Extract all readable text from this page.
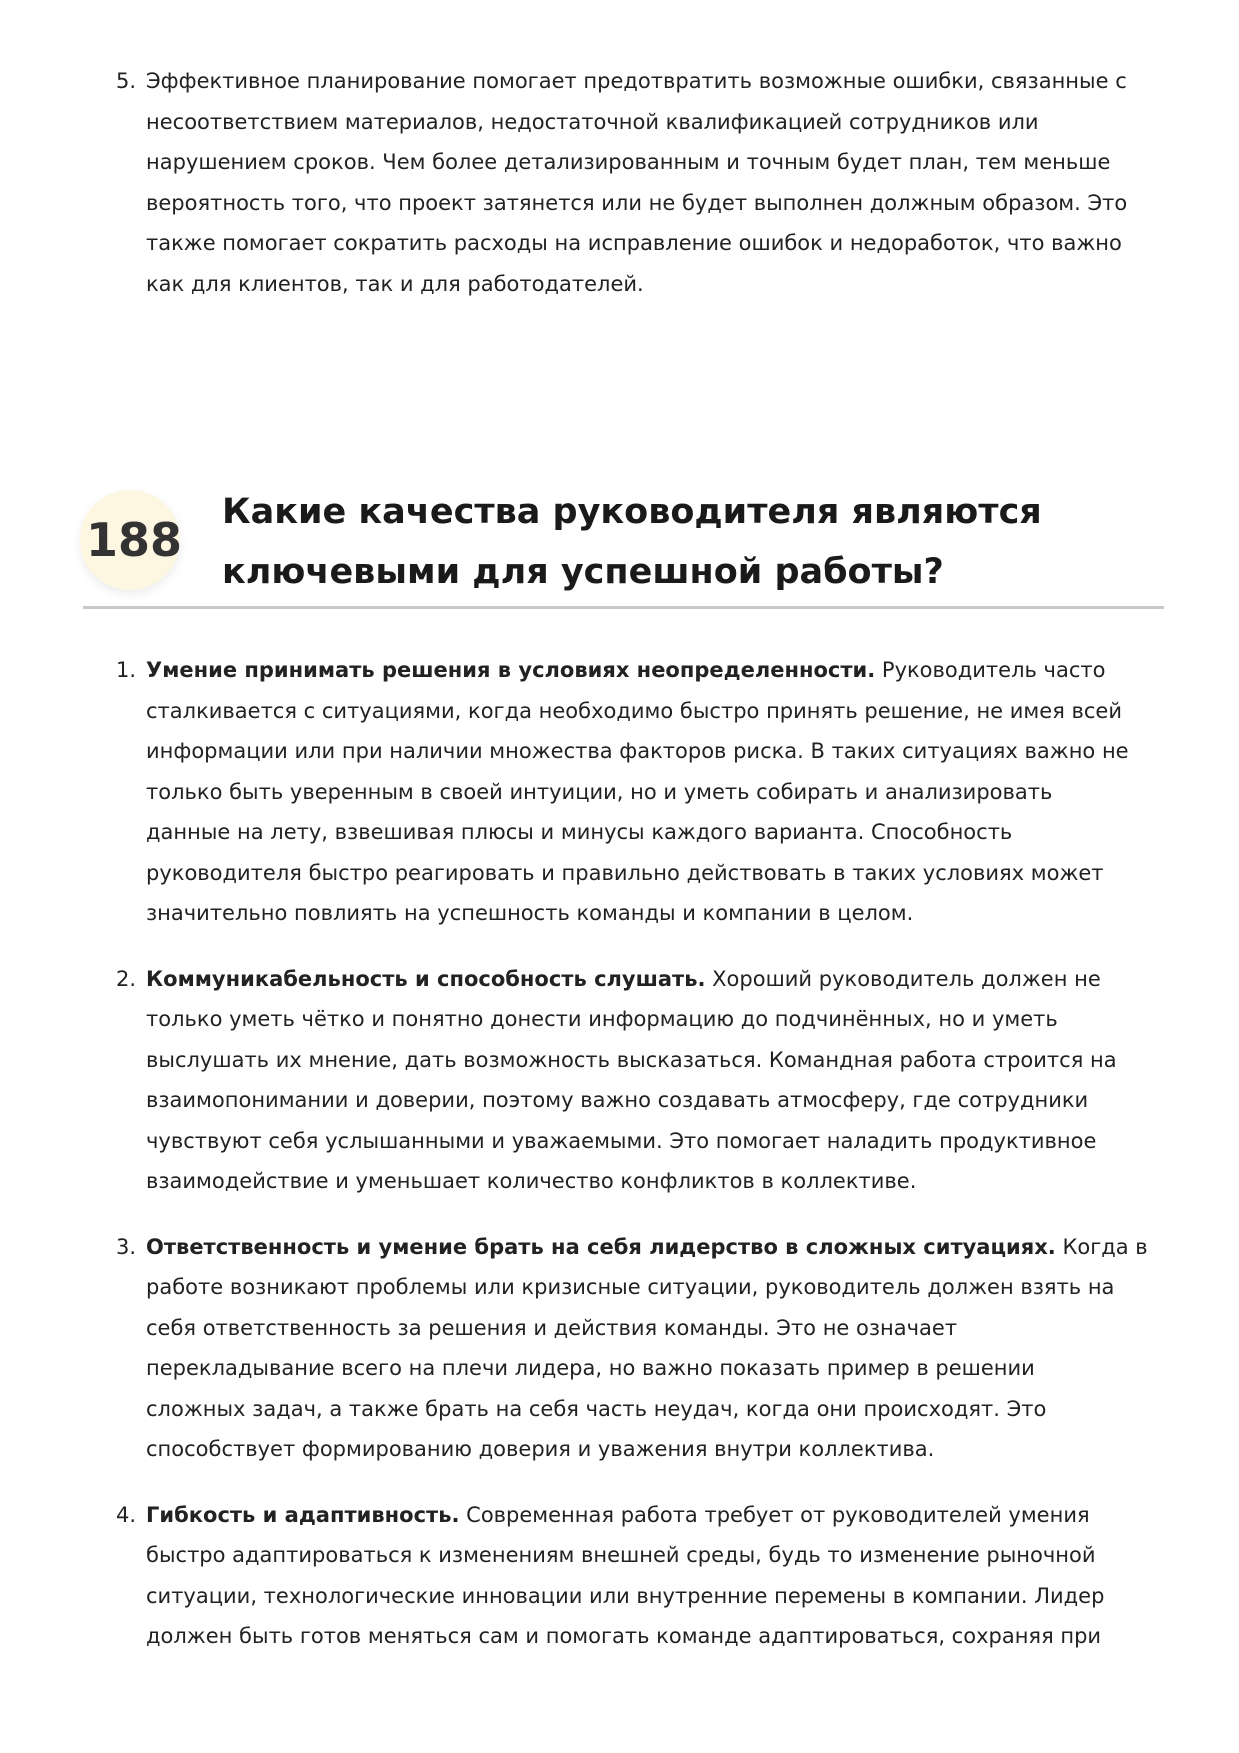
5. Эффективное планирование помогает предотвратить возможные ошибки, связанные с
несоответствием материалов, недостаточной квалификацией сотрудников или
нарушением сроков. Чем более детализированным и точным будет план, тем меньше
вероятность того, что проект затянется или не будет выполнен должным образом. Это
также помогает сократить расходы на исправление ошибок и недоработок, что важно
как для клиентов, так и для работодателей.
188
Какие качества руководителя являются
ключевыми для успешной работы?
1. Умение принимать решения в условиях неопределенности. Руководитель часто
сталкивается с ситуациями, когда необходимо быстро принять решение, не имея всей
информации или при наличии множества факторов риска. В таких ситуациях важно не
только быть уверенным в своей интуиции, но и уметь собирать и анализировать
данные на лету, взвешивая плюсы и минусы каждого варианта. Способность
руководителя быстро реагировать и правильно действовать в таких условиях может
значительно повлиять на успешность команды и компании в целом.
2. Коммуникабельность и способность слушать. Хороший руководитель должен не
только уметь чётко и понятно донести информацию до подчинённых, но и уметь
выслушать их мнение, дать возможность высказаться. Командная работа строится на
взаимопонимании и доверии, поэтому важно создавать атмосферу, где сотрудники
чувствуют себя услышанными и уважаемыми. Это помогает наладить продуктивное
взаимодействие и уменьшает количество конфликтов в коллективе.
3. Ответственность и умение брать на себя лидерство в сложных ситуациях. Когда в
работе возникают проблемы или кризисные ситуации, руководитель должен взять на
себя ответственность за решения и действия команды. Это не означает
перекладывание всего на плечи лидера, но важно показать пример в решении
сложных задач, а также брать на себя часть неудач, когда они происходят. Это
способствует формированию доверия и уважения внутри коллектива.
4. Гибкость и адаптивность. Современная работа требует от руководителей умения
быстро адаптироваться к изменениям внешней среды, будь то изменение рыночной
ситуации, технологические инновации или внутренние перемены в компании. Лидер
должен быть готов меняться сам и помогать команде адаптироваться, сохраняя при
